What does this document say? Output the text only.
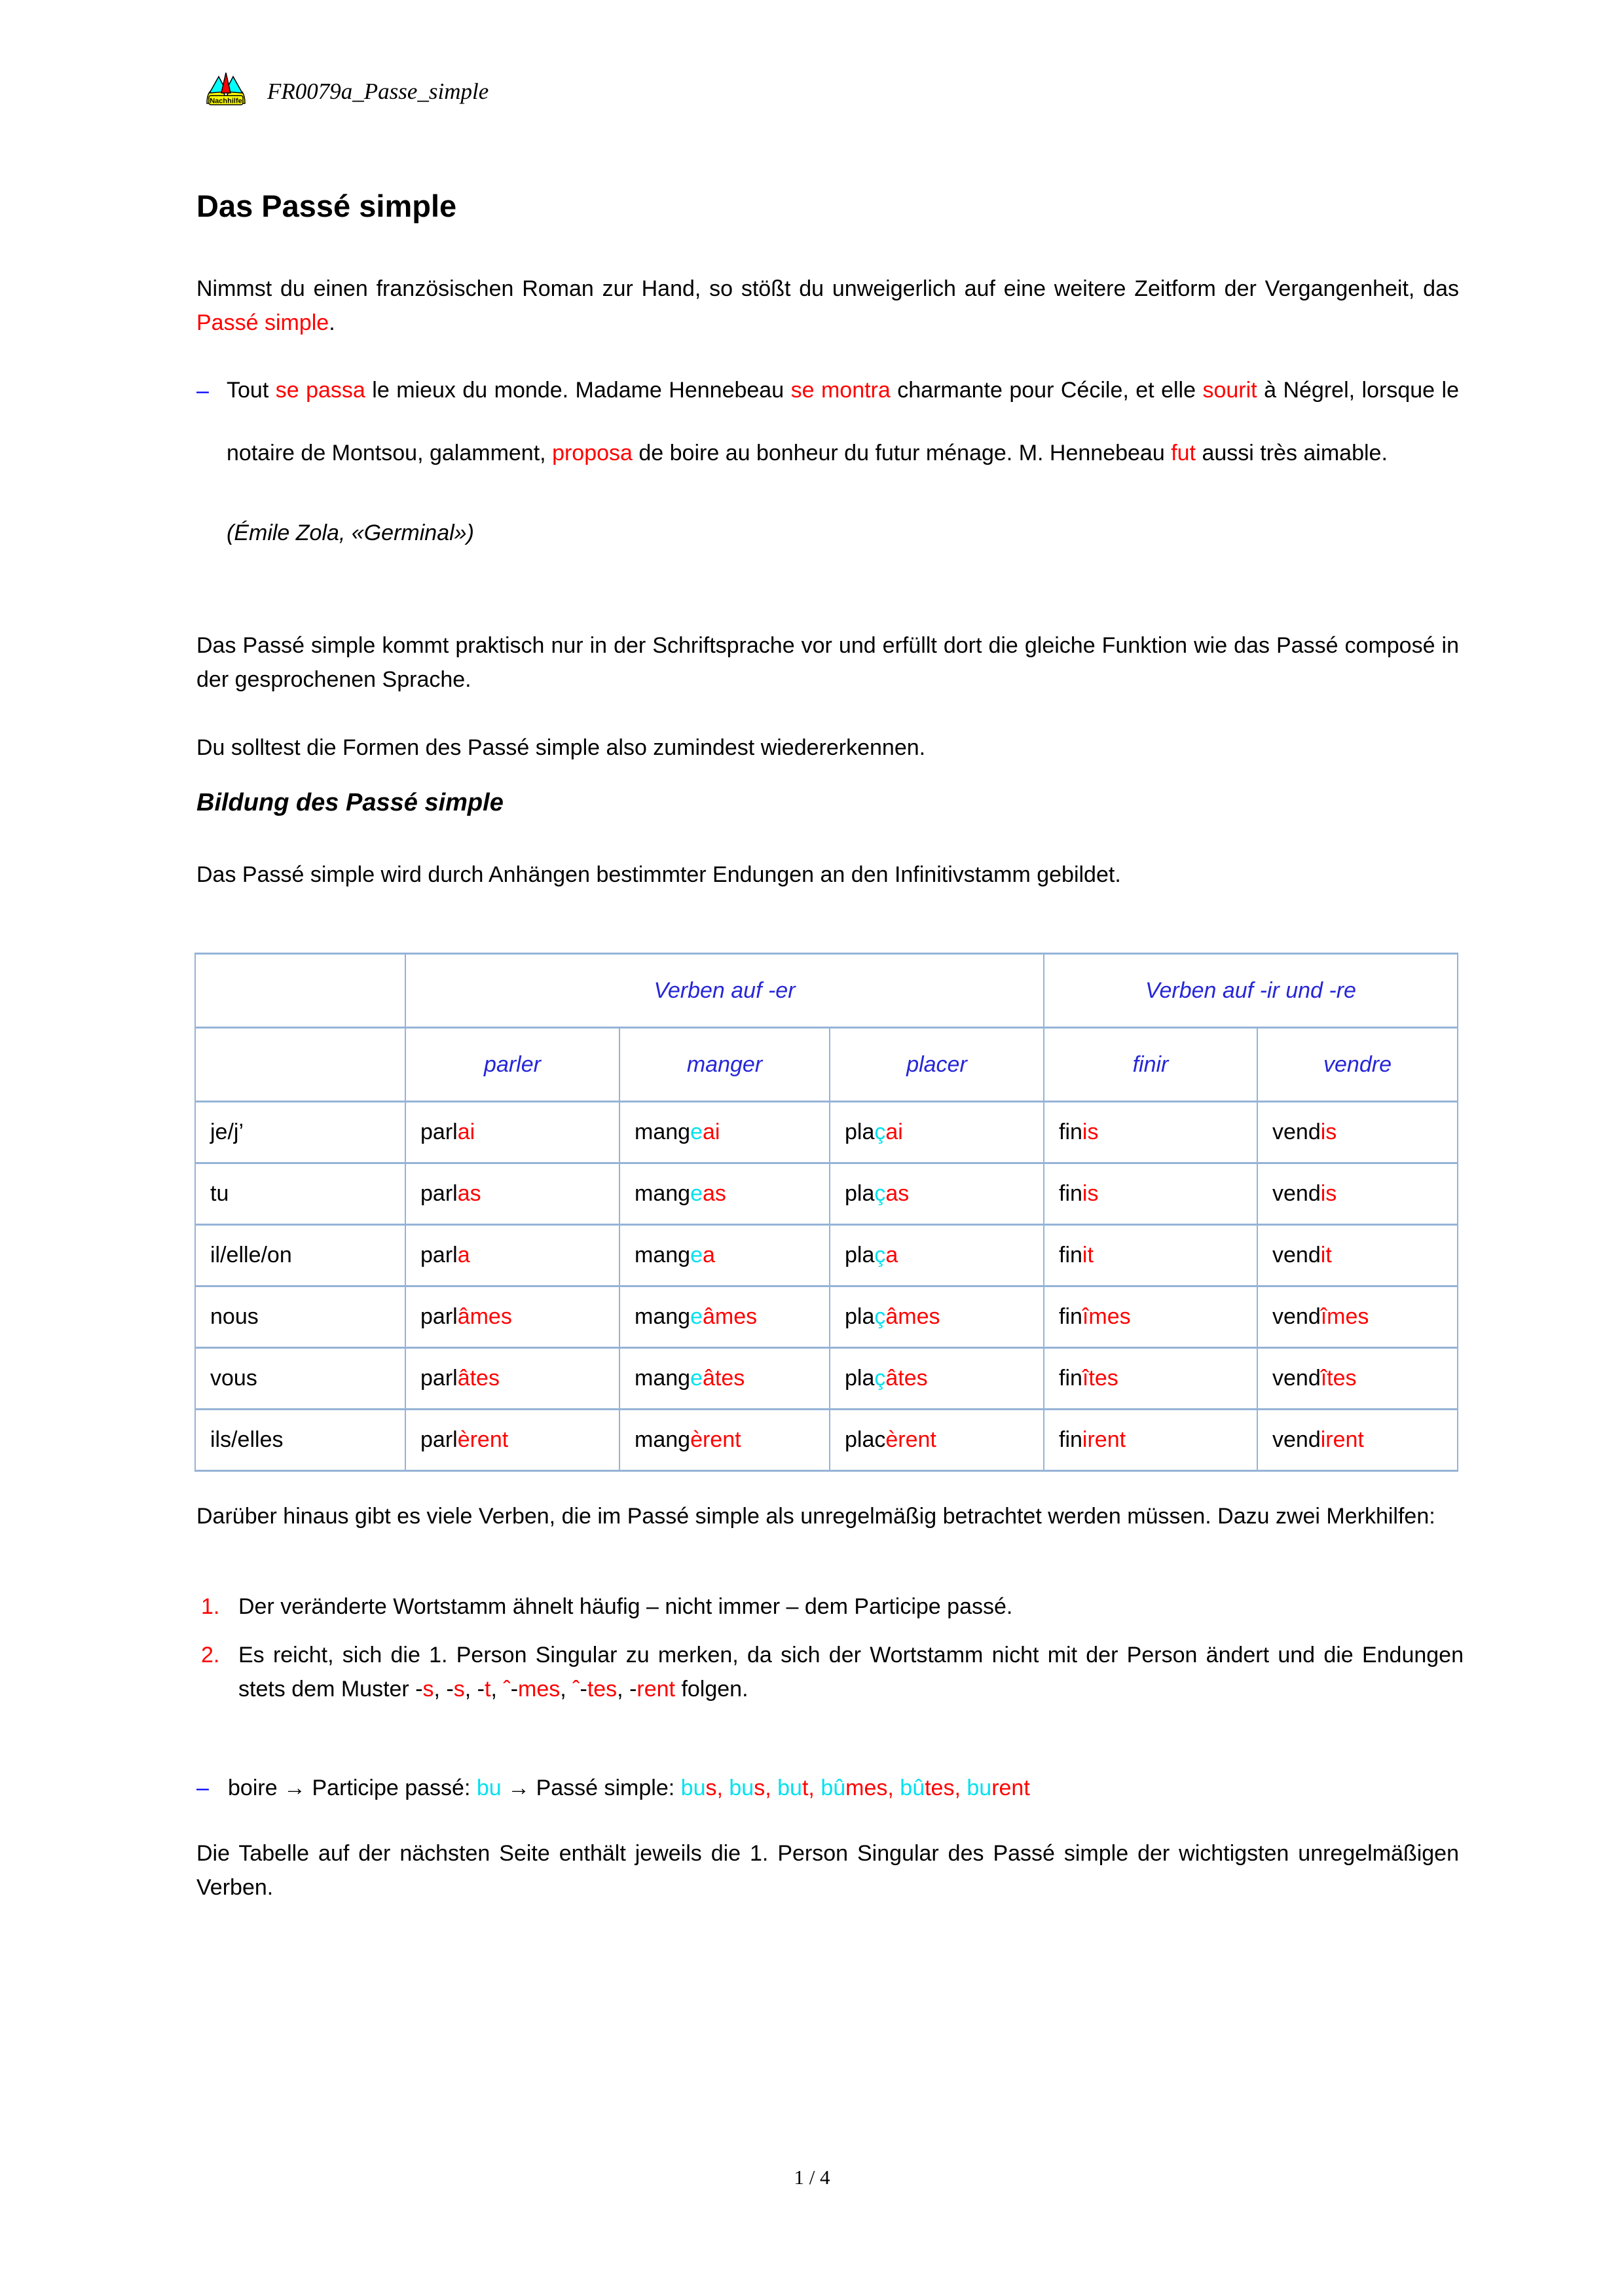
Nachhilfe FR0079a_Passe_simple
Das Passé simple
Nimmst du einen französischen Roman zur Hand, so stößt du unweigerlich auf eine weitere Zeitform der Vergangenheit, das Passé simple.
– Tout se passa le mieux du monde. Madame Hennebeau se montra charmante pour Cécile, et elle sourit à Négrel, lorsque le notaire de Montsou, galamment, proposa de boire au bonheur du futur ménage. M. Hennebeau fut aussi très aimable.
(Émile Zola, «Germinal»)
Das Passé simple kommt praktisch nur in der Schriftsprache vor und erfüllt dort die gleiche Funktion wie das Passé composé in der gesprochenen Sprache.
Du solltest die Formen des Passé simple also zumindest wiedererkennen.
Bildung des Passé simple
Das Passé simple wird durch Anhängen bestimmter Endungen an den Infinitivstamm gebildet.
	Verben auf -er			Verben auf -ir und -re	
	parler	manger	placer	finir	vendre
je/j’	parlai	mangeai	plaçai	finis	vendis
tu	parlas	mangeas	plaças	finis	vendis
il/elle/on	parla	mangea	plaça	finit	vendit
nous	parlâmes	mangeâmes	plaçâmes	finîmes	vendîmes
vous	parlâtes	mangeâtes	plaçâtes	finîtes	vendîtes
ils/elles	parlèrent	mangèrent	placèrent	finirent	vendirent
Darüber hinaus gibt es viele Verben, die im Passé simple als unregelmäßig betrachtet werden müssen. Dazu zwei Merkhilfen:
1. Der veränderte Wortstamm ähnelt häufig – nicht immer – dem Participe passé.
2. Es reicht, sich die 1. Person Singular zu merken, da sich der Wortstamm nicht mit der Person ändert und die Endungen stets dem Muster -s, -s, -t, ˆ-mes, ˆ-tes, -rent folgen.
– boire → Participe passé: bu → Passé simple: bus, bus, but, bûmes, bûtes, burent
Die Tabelle auf der nächsten Seite enthält jeweils die 1. Person Singular des Passé simple der wichtigsten unregelmäßigen Verben.
1 / 4
